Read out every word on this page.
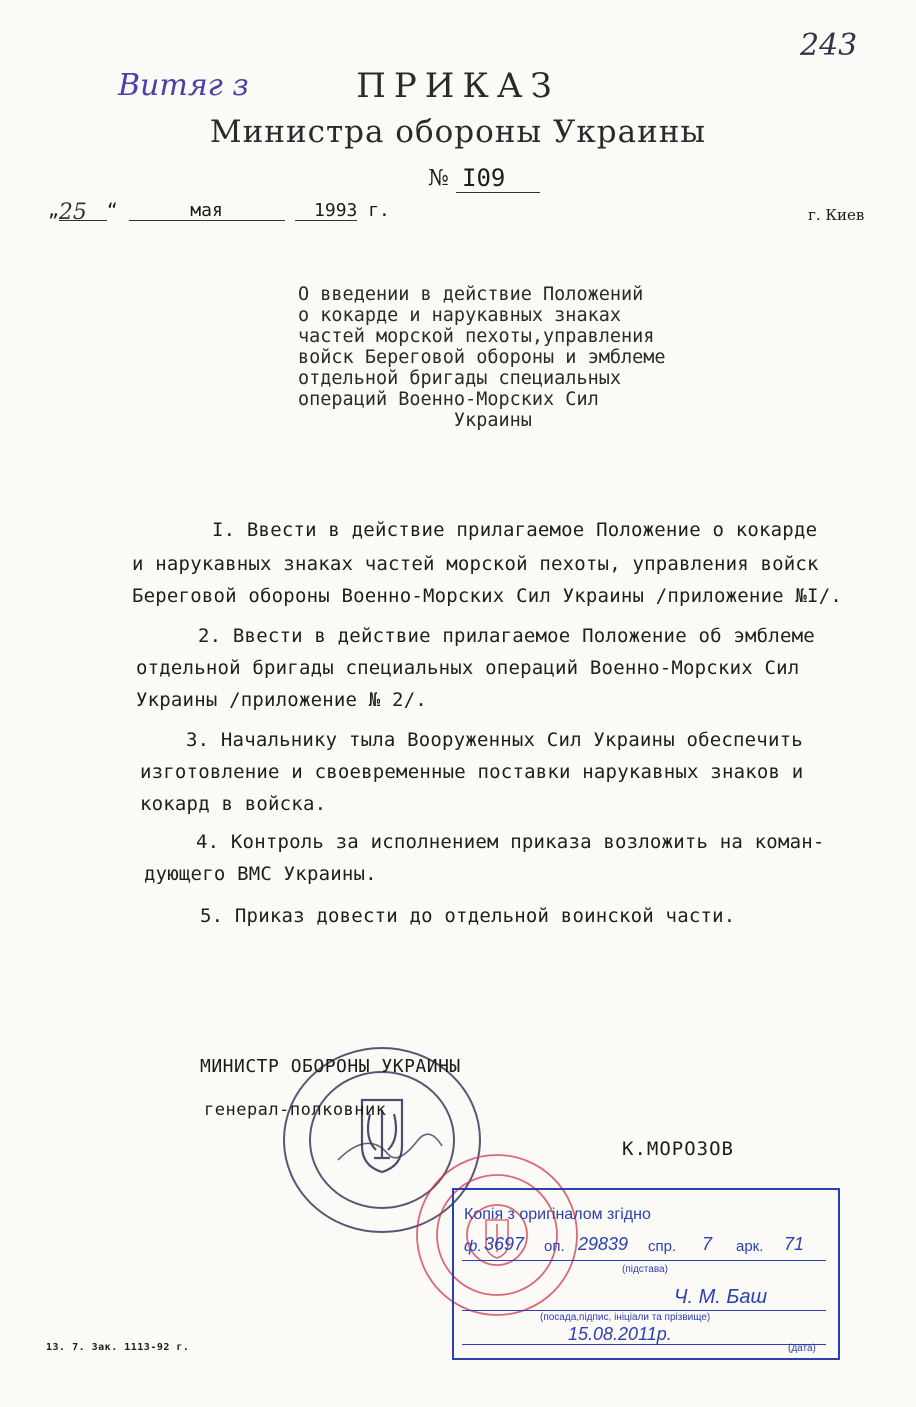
Витяг з
243
ПРИКАЗ
Министра обороны Украины
№ I09
„25 “	мая	1993 г.	г. Киев
О введении в действие Положений
о кокарде и нарукавных знаках
частей морской пехоты,управления
войск Береговой обороны и эмблеме
отдельной бригады специальных
операций Военно-Морских Сил
Украины
I. Ввести в действие прилагаемое Положение о кокарде
и нарукавных знаках частей морской пехоты, управления войск
Береговой обороны Военно-Морских Сил Украины /приложение №I/.
2. Ввести в действие прилагаемое Положение об эмблеме
отдельной бригады специальных операций Военно-Морских Сил
Украины /приложение № 2/.
3. Начальнику тыла Вооруженных Сил Украины обеспечить
изготовление и своевременные поставки нарукавных знаков и
кокард в войска.
4. Контроль за исполнением приказа возложить на коман-
дующего ВМС Украины.
5. Приказ довести до отдельной воинской части.
МИНИСТР ОБОРОНЫ УКРАИНЫ
генерал-полковник
К.МОРОЗОВ
Копія з оригіналом згідно
ф. 3697 оп. 29839 спр. 7 арк. 71
(підстава)
Ч. М. Баш
(посада,підпис, ініціали та прізвище)
15.08.2011р.
(дата)
13. 7. Зак. 1113-92 г.
